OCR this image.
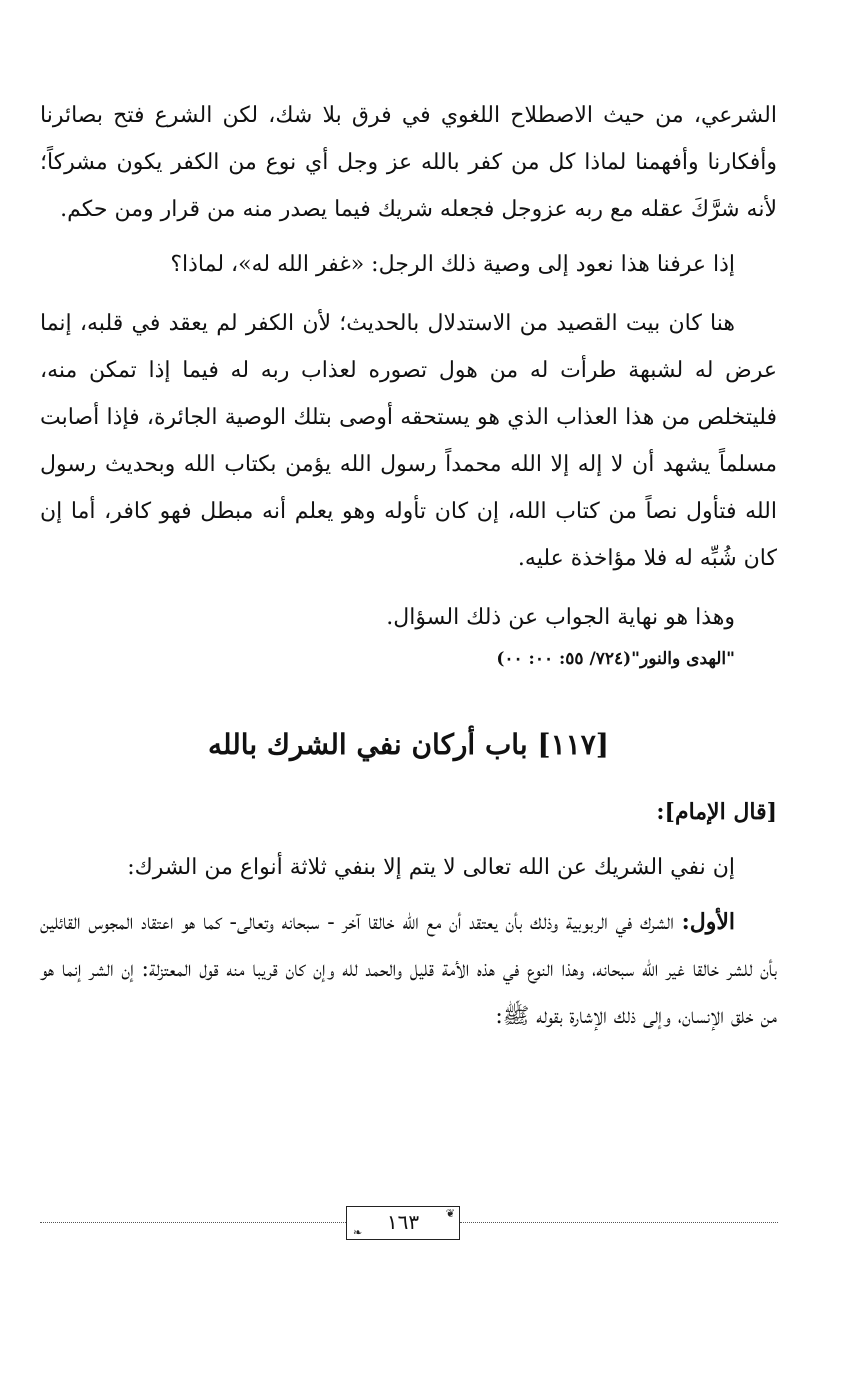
الشرعي، من حيث الاصطلاح اللغوي في فرق بلا شك، لكن الشرع فتح بصائرنا وأفكارنا وأفهمنا لماذا كل من كفر بالله عز وجل أي نوع من الكفر يكون مشركاً؛ لأنه شرَّكَ عقله مع ربه عزوجل فجعله شريك فيما يصدر منه من قرار ومن حكم.

إذا عرفنا هذا نعود إلى وصية ذلك الرجل: «غفر الله له»، لماذا؟

هنا كان بيت القصيد من الاستدلال بالحديث؛ لأن الكفر لم يعقد في قلبه، إنما عرض له لشبهة طرأت له من هول تصوره لعذاب ربه له فيما إذا تمكن منه، فليتخلص من هذا العذاب الذي هو يستحقه أوصى بتلك الوصية الجائرة، فإذا أصابت مسلماً يشهد أن لا إله إلا الله محمداً رسول الله يؤمن بكتاب الله وبحديث رسول الله فتأول نصاً من كتاب الله، إن كان تأوله وهو يعلم أنه مبطل فهو كافر، أما إن كان شُبِّه له فلا مؤاخذة عليه.

وهذا هو نهاية الجواب عن ذلك السؤال.

"الهدى والنور"(٧٢٤/ ٥٥: ٠٠: ٠٠)

[١١٧] باب أركان نفي الشرك بالله

[قال الإمام]:

إن نفي الشريك عن الله تعالى لا يتم إلا بنفي ثلاثة أنواع من الشرك:

الأول: الشرك في الربوبية وذلك بأن يعتقد أن مع الله خالقا آخر - سبحانه وتعالى- كما هو اعتقاد المجوس القائلين بأن للشر خالقا غير الله سبحانه، وهذا النوع في هذه الأمة قليل والحمد لله وإن كان قريبا منه قول المعتزلة: إن الشر إنما هو من خلق الإنسان، وإلى ذلك الإشارة بقوله ﷺ:

❦
١٦٣
❧
